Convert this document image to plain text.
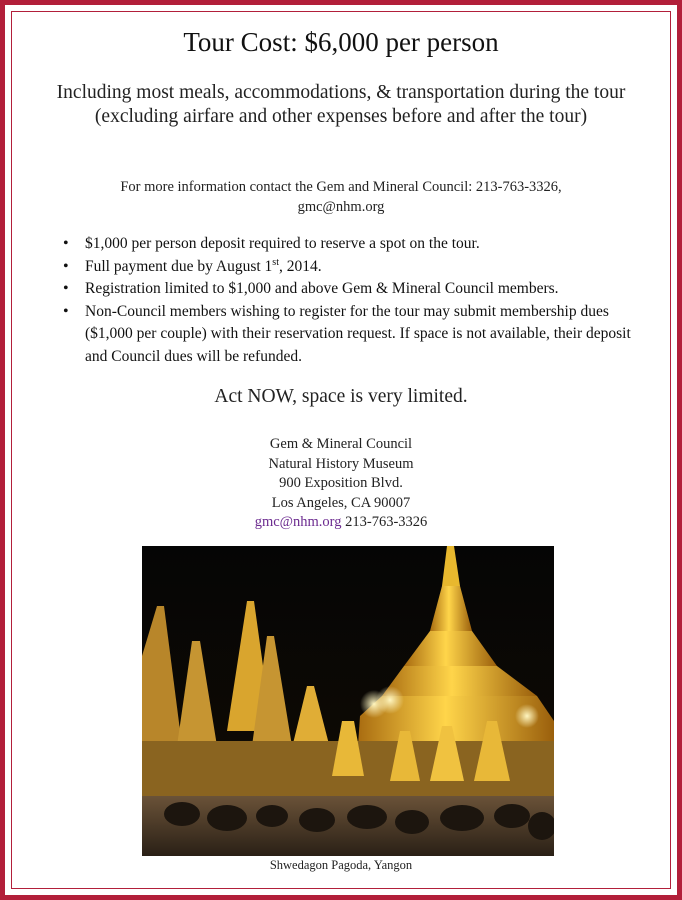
Tour Cost: $6,000 per person
Including most meals, accommodations, & transportation during the tour (excluding airfare and other expenses before and after the tour)
For more information contact the Gem and Mineral Council: 213-763-3326,
gmc@nhm.org
• $1,000 per person deposit required to reserve a spot on the tour.
• Full payment due by August 1st, 2014.
• Registration limited to $1,000 and above Gem & Mineral Council members.
• Non-Council members wishing to register for the tour may submit membership dues ($1,000 per couple) with their reservation request. If space is not available, their deposit and Council dues will be refunded.
Act NOW, space is very limited.
Gem & Mineral Council
Natural History Museum
900 Exposition Blvd.
Los Angeles, CA 90007
gmc@nhm.org 213-763-3326
Shwedagon Pagoda, Yangon
